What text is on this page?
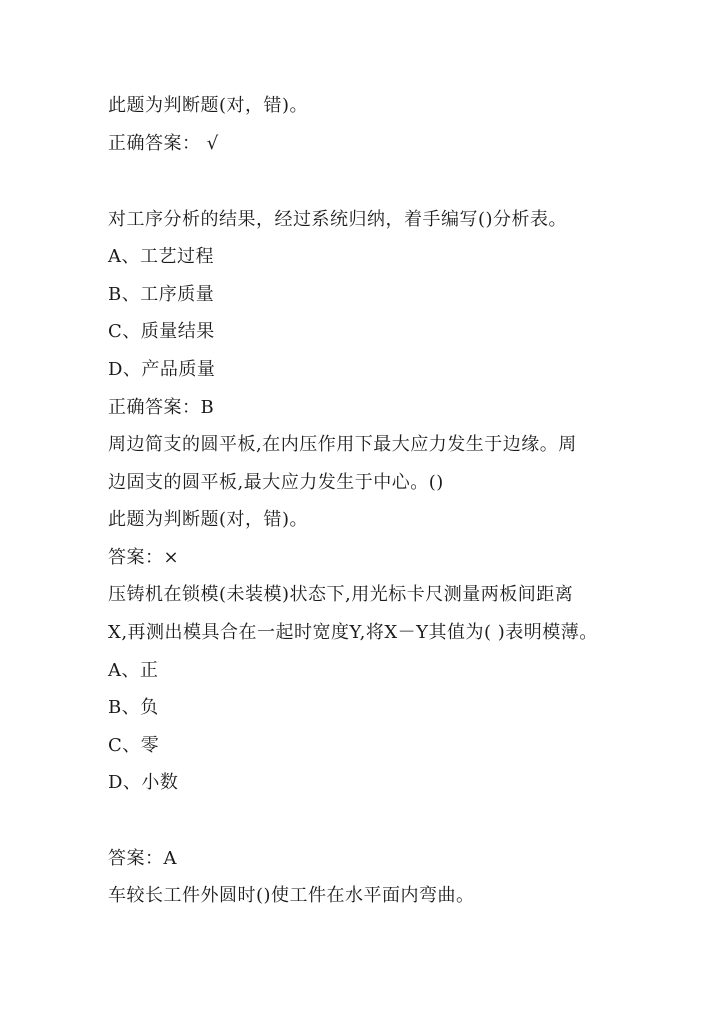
此题为判断题(对，错)。
正确答案： √
对工序分析的结果，经过系统归纳，着手编写()分析表。
A、工艺过程
B、工序质量
C、质量结果
D、产品质量
正确答案：B
周边简支的圆平板,在内压作用下最大应力发生于边缘。周
边固支的圆平板,最大应力发生于中心。()
此题为判断题(对，错)。
答案：×
压铸机在锁模(未装模)状态下,用光标卡尺测量两板间距离
X,再测出模具合在一起时宽度Y,将X－Y其值为( )表明模薄。
A、正
B、负
C、零
D、小数
答案：A
车较长工件外圆时()使工件在水平面内弯曲。
